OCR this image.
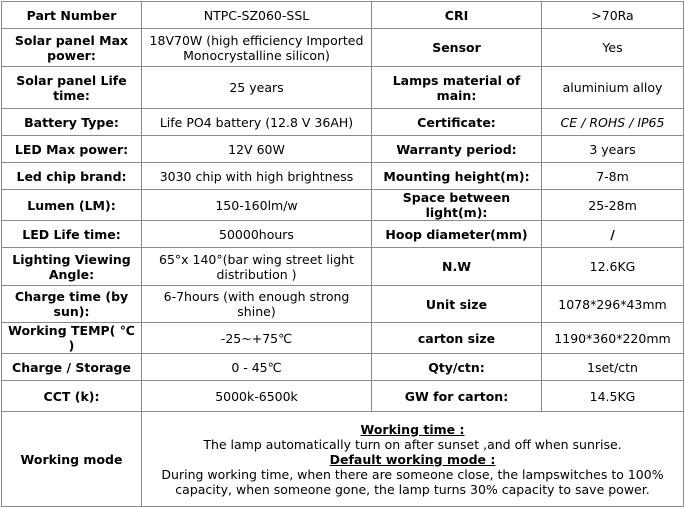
Part Number	NTPC-SZ060-SSL	CRI	>70Ra
Solar panel Max power:	18V70W (high efficiency Imported Monocrystalline silicon)	Sensor	Yes
Solar panel Life time:	25 years	Lamps material of main:	aluminium alloy
Battery Type:	Life PO4 battery (12.8 V 36AH)	Certificate:	CE / ROHS / IP65
LED Max power:	12V 60W	Warranty period:	3 years
Led chip brand:	3030 chip with high brightness	Mounting height(m):	7-8m
Lumen (LM):	150-160lm/w	Space between light(m):	25-28m
LED Life time:	50000hours	Hoop diameter(mm)	/
Lighting Viewing Angle:	65°x 140°(bar wing street light distribution )	N.W	12.6KG
Charge time (by sun):	6-7hours (with enough strong shine)	Unit size	1078*296*43mm
Working TEMP( ℃ )	-25~+75℃	carton size	1190*360*220mm
Charge / Storage	0 - 45℃	Qty/ctn:	1set/ctn
CCT (k):	5000k-6500k	GW for carton:	14.5KG
Working mode	Working time :
The lamp automatically turn on after sunset ,and off when sunrise.
Default working mode :
During working time, when there are someone close, the lampswitches to 100%
capacity, when someone gone, the lamp turns 30% capacity to save power.		
